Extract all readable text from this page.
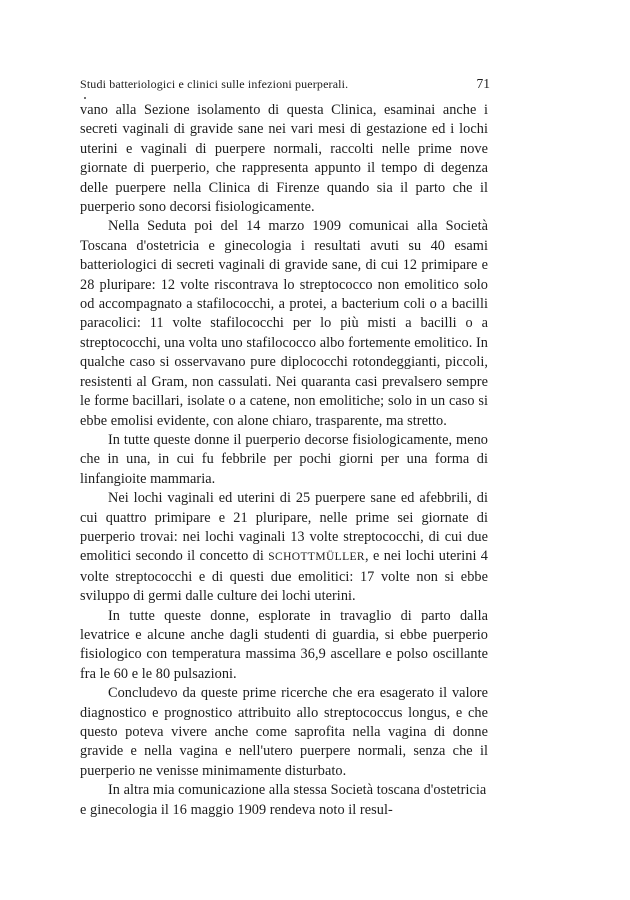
Studi batteriologici e clinici sulle infezioni puerperali.	71

vano alla Sezione isolamento di questa Clinica, esaminai anche i secreti vaginali di gravide sane nei vari mesi di gestazione ed i lochi uterini e vaginali di puerpere normali, raccolti nelle prime nove giornate di puerperio, che rappresenta appunto il tempo di degenza delle puerpere nella Clinica di Firenze quando sia il parto che il puerperio sono decorsi fisiologicamente.

Nella Seduta poi del 14 marzo 1909 comunicai alla Società Toscana d'ostetricia e ginecologia i resultati avuti su 40 esami batteriologici di secreti vaginali di gravide sane, di cui 12 primipare e 28 pluripare: 12 volte riscontrava lo streptococco non emolitico solo od accompagnato a stafilococchi, a protei, a bacterium coli o a bacilli paracolici: 11 volte stafilococchi per lo più misti a bacilli o a streptococchi, una volta uno stafilococco albo fortemente emolitico. In qualche caso si osservavano pure diplococchi rotondeggianti, piccoli, resistenti al Gram, non cassulati. Nei quaranta casi prevalsero sempre le forme bacillari, isolate o a catene, non emolitiche; solo in un caso si ebbe emolisi evidente, con alone chiaro, trasparente, ma stretto.

In tutte queste donne il puerperio decorse fisiologicamente, meno che in una, in cui fu febbrile per pochi giorni per una forma di linfangioite mammaria.

Nei lochi vaginali ed uterini di 25 puerpere sane ed afebbrili, di cui quattro primipare e 21 pluripare, nelle prime sei giornate di puerperio trovai: nei lochi vaginali 13 volte streptococchi, di cui due emolitici secondo il concetto di SCHOTTMÜLLER, e nei lochi uterini 4 volte streptococchi e di questi due emolitici: 17 volte non si ebbe sviluppo di germi dalle culture dei lochi uterini.

In tutte queste donne, esplorate in travaglio di parto dalla levatrice e alcune anche dagli studenti di guardia, si ebbe puerperio fisiologico con temperatura massima 36,9 ascellare e polso oscillante fra le 60 e le 80 pulsazioni.

Concludevo da queste prime ricerche che era esagerato il valore diagnostico e prognostico attribuito allo streptococcus longus, e che questo poteva vivere anche come saprofita nella vagina di donne gravide e nella vagina e nell'utero puerpere normali, senza che il puerperio ne venisse minimamente disturbato.

In altra mia comunicazione alla stessa Società toscana d'ostetricia e ginecologia il 16 maggio 1909 rendeva noto il resul-
